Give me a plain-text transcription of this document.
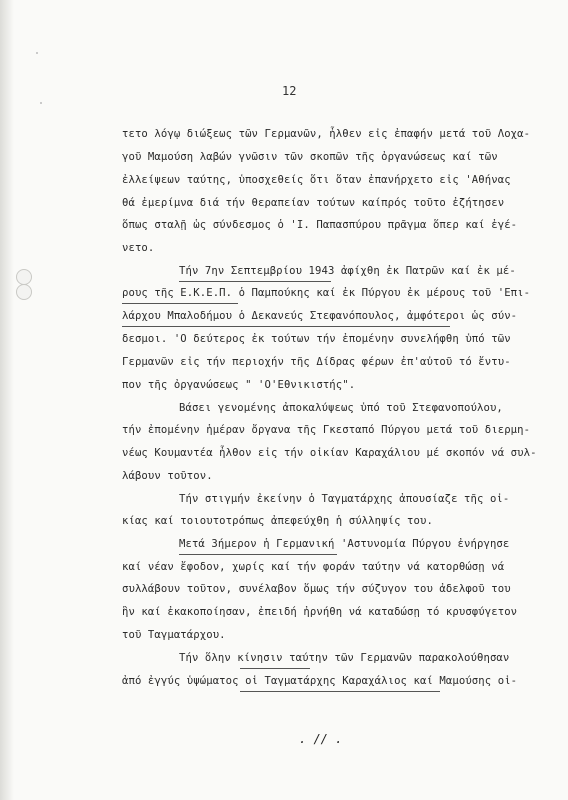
12
τετο λόγῳ διώξεως τῶν Γερμανῶν, ἦλθεν εἰς ἐπαφήν μετά τοῦ Λοχα-
γοῦ Μαμούση λαβών γνῶσιν τῶν σκοπῶν τῆς ὀργανώσεως καί τῶν
ἐλλείψεων ταύτης, ὑποσχεθείς ὅτι ὅταν ἐπανήρχετο εἰς 'Αθήνας
θά ἐμερίμνα διά τήν θεραπείαν τούτων καίπρός τοῦτο ἐζήτησεν
ὅπως σταλῇ ὡς σύνδεσμος ὁ 'Ι. Παπασπύρου πρᾶγμα ὅπερ καί ἐγέ-
νετο.
Τήν 7ην Σεπτεμβρίου 1943 ἀφίχθη ἐκ Πατρῶν καί ἐκ μέ-
ρους τῆς Ε.Κ.Ε.Π. ὁ Παμπούκης καί ἐκ Πύργου ἐκ μέρους τοῦ 'Επι-
λάρχου Μπαλοδήμου ὁ Δεκανεύς Στεφανόπουλος, ἀμφότεροι ὡς σύν-
δεσμοι. 'Ο δεύτερος ἐκ τούτων τήν ἐπομένην συνελήφθη ὑπό τῶν
Γερμανῶν εἰς τήν περιοχήν τῆς Δίδρας φέρων ἐπ'αὐτοῦ τό ἔντυ-
πον τῆς ὀργανώσεως " 'Ο'Εθνικιστής".
Βάσει γενομένης ἀποκαλύψεως ὑπό τοῦ Στεφανοπούλου,
τήν ἐπομένην ἡμέραν ὄργανα τῆς Γκεσταπό Πύργου μετά τοῦ διερμη-
νέως Κουμαντέα ἦλθον εἰς τήν οἰκίαν Καραχάλιου μέ σκοπόν νά συλ-
λάβουν τοῦτον.
Τήν στιγμήν ἐκείνην ὁ Ταγματάρχης ἀπουσίαζε τῆς οἰ-
κίας καί τοιουτοτρόπως ἀπεφεύχθη ἡ σύλληψίς του.
Μετά 3ήμερον ἡ Γερμανική 'Αστυνομία Πύργου ἐνήργησε
καί νέαν ἔφοδον, χωρίς καί τήν φοράν ταύτην νά κατορθώσῃ νά
συλλάβουν τοῦτον, συνέλαβον ὅμως τήν σύζυγον του ἀδελφοῦ του
ἣν καί ἐκακοποίησαν, ἐπειδή ἠρνήθη νά καταδώσῃ τό κρυσφύγετον
τοῦ Ταγματάρχου.
Τήν ὅλην κίνησιν ταύτην τῶν Γερμανῶν παρακολούθησαν
ἀπό ἐγγύς ὑψώματος οἱ Ταγματάρχης Καραχάλιος καί Μαμούσης οἱ-
. // .
